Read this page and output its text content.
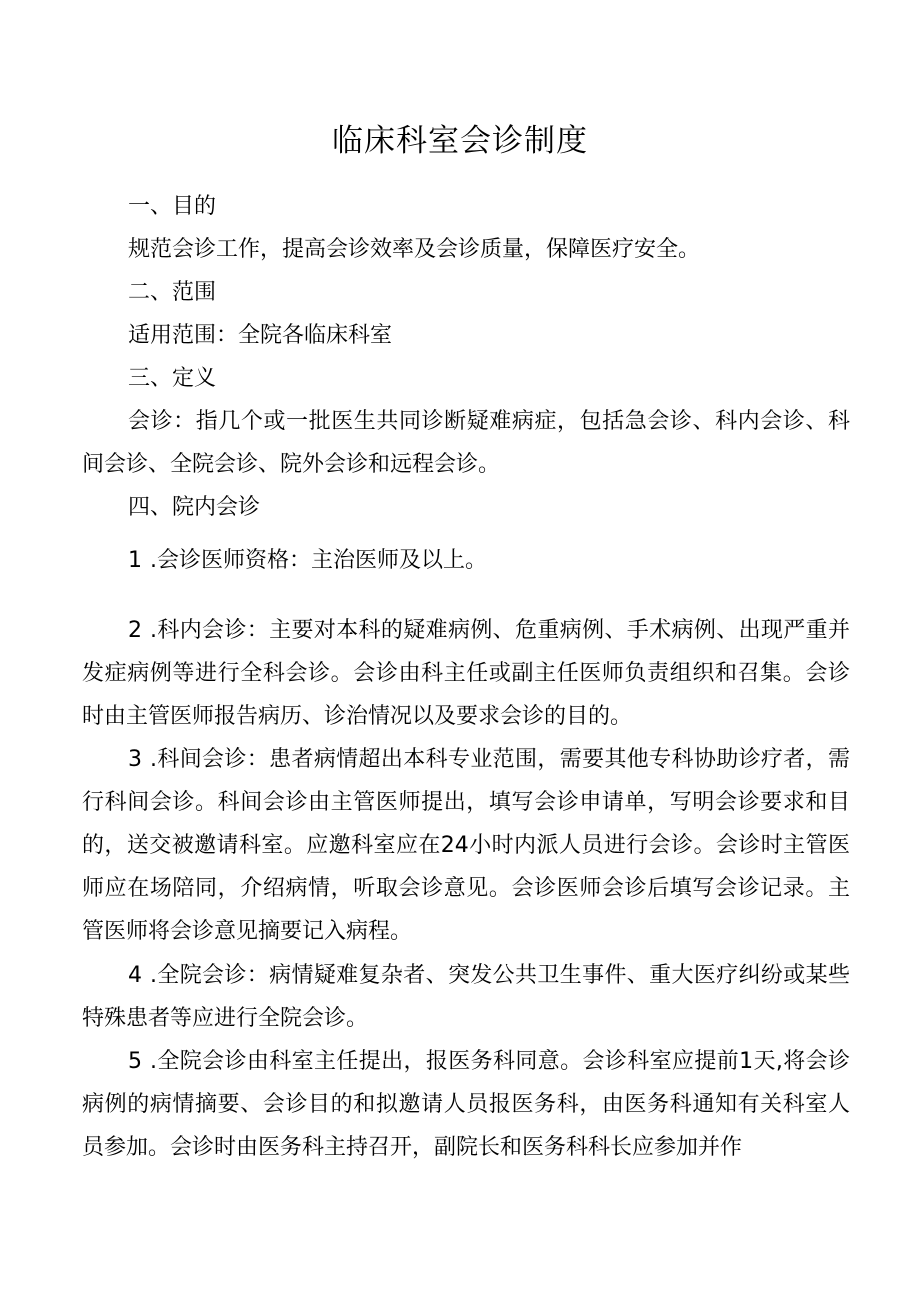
临床科室会诊制度
一、目的
规范会诊工作，提高会诊效率及会诊质量，保障医疗安全。
二、范围
适用范围：全院各临床科室
三、定义
会诊：指几个或一批医生共同诊断疑难病症，包括急会诊、科内会诊、科间会诊、全院会诊、院外会诊和远程会诊。
四、院内会诊
1 .会诊医师资格：主治医师及以上。
2 .科内会诊：主要对本科的疑难病例、危重病例、手术病例、出现严重并发症病例等进行全科会诊。会诊由科主任或副主任医师负责组织和召集。会诊时由主管医师报告病历、诊治情况以及要求会诊的目的。
3 .科间会诊：患者病情超出本科专业范围，需要其他专科协助诊疗者，需行科间会诊。科间会诊由主管医师提出，填写会诊申请单，写明会诊要求和目的，送交被邀请科室。应邀科室应在24小时内派人员进行会诊。会诊时主管医师应在场陪同，介绍病情，听取会诊意见。会诊医师会诊后填写会诊记录。主管医师将会诊意见摘要记入病程。
4 .全院会诊：病情疑难复杂者、突发公共卫生事件、重大医疗纠纷或某些特殊患者等应进行全院会诊。
5 .全院会诊由科室主任提出，报医务科同意。会诊科室应提前1天,将会诊病例的病情摘要、会诊目的和拟邀请人员报医务科，由医务科通知有关科室人员参加。会诊时由医务科主持召开，副院长和医务科科长应参加并作
